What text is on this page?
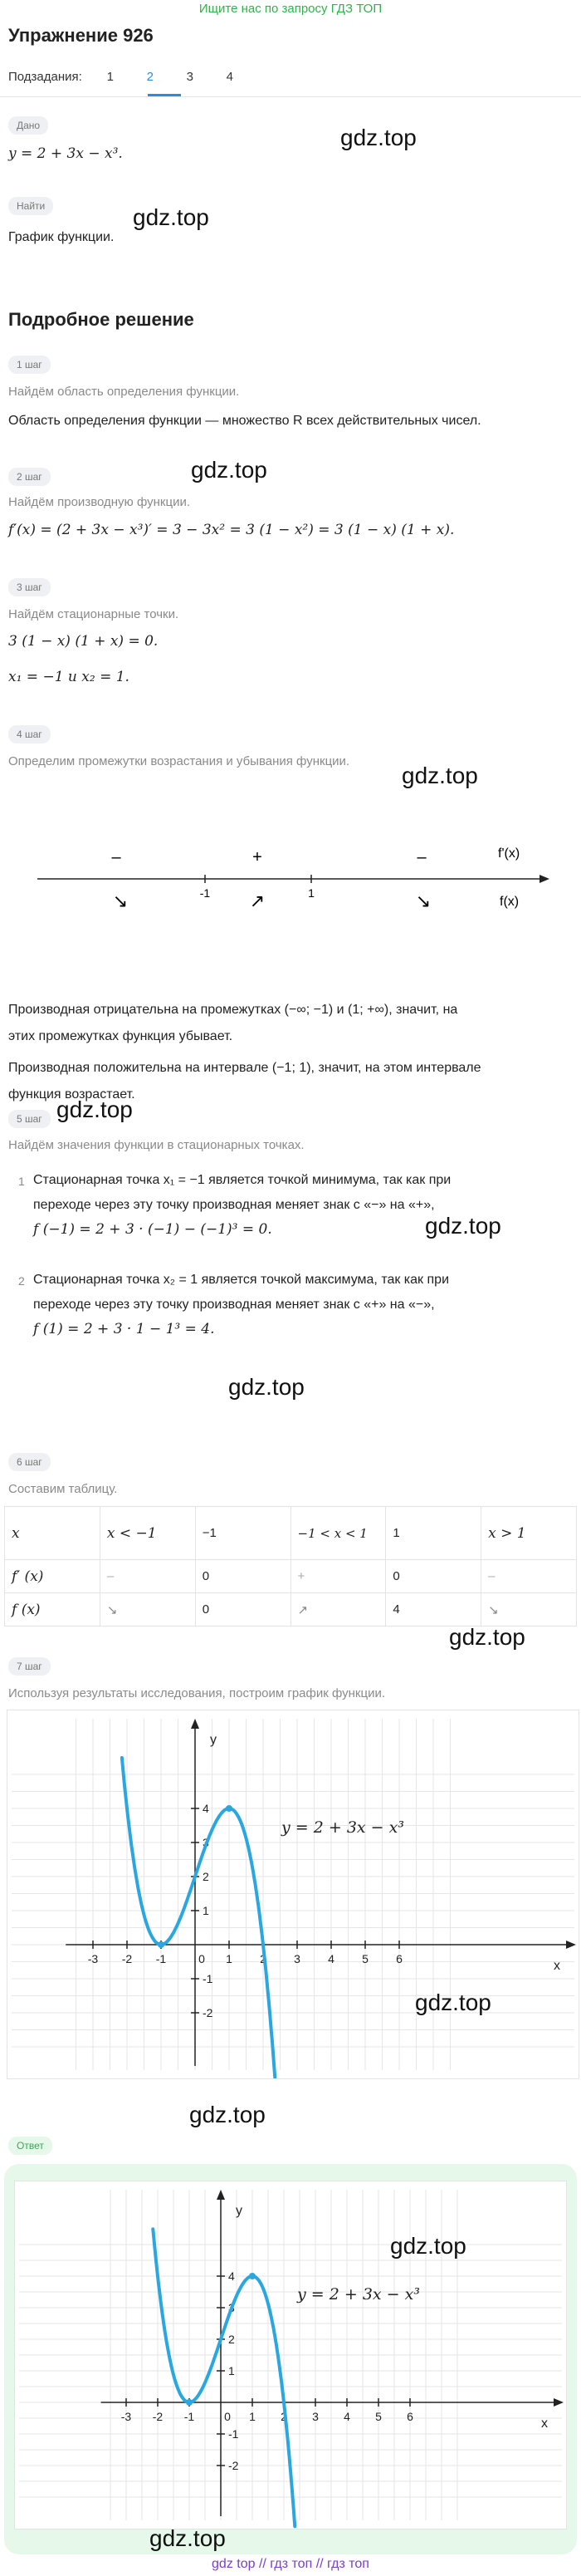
Ищите нас по запросу ГДЗ ТОП
Упражнение 926
Подзадания:	1	2	3	4
Дано
y = 2 + 3x − x³.
gdz.top
Найти	gdz.top
График функции.
Подробное решение
1 шаг
Найдём область определения функции.
Область определения функции — множество R всех действительных чисел.
gdz.top
2 шаг
Найдём производную функции.
f′(x) = (2 + 3x − x³)′ = 3 − 3x² = 3 (1 − x²) = 3 (1 − x) (1 + x).
3 шаг
Найдём стационарные точки.
3 (1 − x) (1 + x) = 0.
x₁ = −1 и x₂ = 1.
4 шаг
Определим промежутки возрастания и убывания функции.
gdz.top
–	+	–
-1	1
↘	↗	↘
f'(x)
f(x)
Производная отрицательна на промежутках (−∞; −1) и (1; +∞), значит, на
этих промежутках функция убывает.
Производная положительна на интервале (−1; 1), значит, на этом интервале
функция возрастает.
5 шаг gdz.top
Найдём значения функции в стационарных точках.
1 Стационарная точка x₁ = −1 является точкой минимума, так как при
переходе через эту точку производная меняет знак с «−» на «+»,
f (−1) = 2 + 3 · (−1) − (−1)³ = 0.	gdz.top
2 Стационарная точка x₂ = 1 является точкой максимума, так как при
переходе через эту точку производная меняет знак с «+» на «−»,
f (1) = 2 + 3 · 1 − 1³ = 4.
gdz.top
6 шаг
Составим таблицу.
x	x < −1	−1	−1 < x < 1	1	x > 1
f′ (x)	–	0	+	0	–
f (x)	↘	0	↗	4	↘
gdz.top
7 шаг
Используя результаты исследования, построим график функции.
-3 -2 -1	0 1 2 3 4 5 6
4
3
2
1
-1
-2
x
y
y = 2 + 3x − x³
gdz.top
gdz.top
Ответ
-3 -2 -1	0 1 2 3 4 5 6
4
3
2
1
-1
-2
x
y
y = 2 + 3x − x³
gdz.top
gdz.top
gdz top // гдз топ // гдз топ
